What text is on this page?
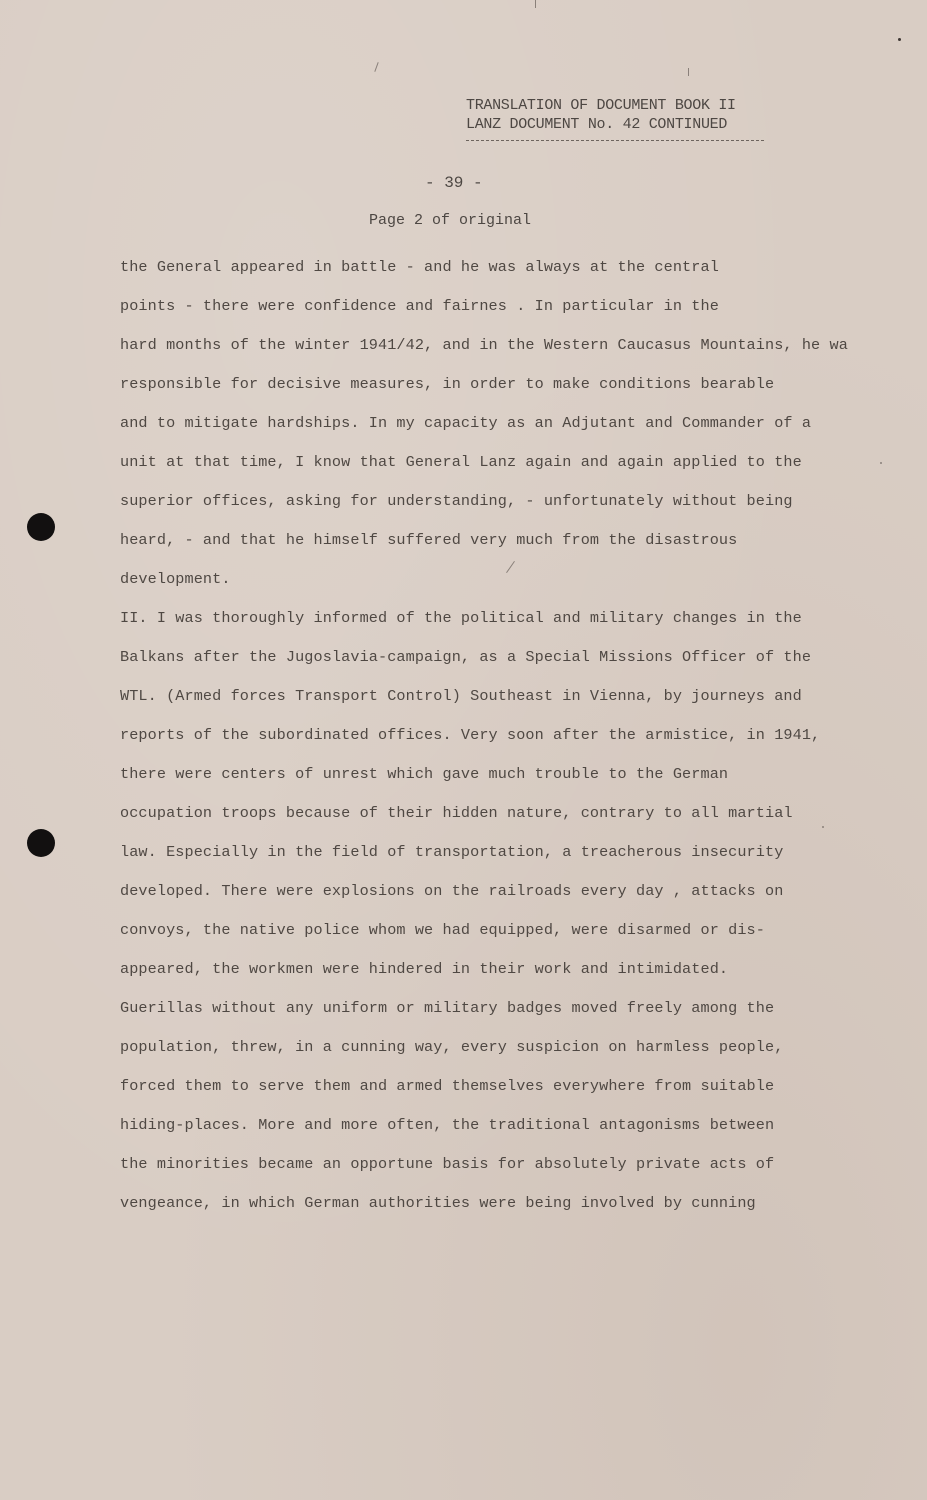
TRANSLATION OF DOCUMENT BOOK II
LANZ DOCUMENT No. 42 CONTINUED
- 39 -
Page 2 of original
the General appeared in battle - and he was always at the central
points - there were confidence and fairnes . In particular in the
hard months of the winter 1941/42, and in the Western Caucasus Mountains, he wa
responsible for decisive measures, in order to make conditions bearable
and to mitigate hardships. In my capacity as an Adjutant and Commander of a
unit at that time, I know that General Lanz again and again applied to the
superior offices, asking for understanding, - unfortunately without being
heard, - and that he himself suffered very much from the disastrous
development.
II. I was thoroughly informed of the political and military changes in the
Balkans after the Jugoslavia-campaign, as a Special Missions Officer of the
WTL. (Armed forces Transport Control) Southeast in Vienna, by journeys and
reports of the subordinated offices. Very soon after the armistice, in 1941,
there were centers of unrest which gave much trouble to the German
occupation troops because of their hidden nature, contrary to all martial
law. Especially in the field of transportation, a treacherous insecurity
developed. There were explosions on the railroads every day , attacks on
convoys, the native police whom we had equipped, were disarmed or dis-
appeared, the workmen were hindered in their work and intimidated.
Guerillas without any uniform or military badges moved freely among the
population, threw, in a cunning way, every suspicion on harmless people,
forced them to serve them and armed themselves everywhere from suitable
hiding-places. More and more often, the traditional antagonisms between
the minorities became an opportune basis for absolutely private acts of
vengeance, in which German authorities were being involved by cunning
